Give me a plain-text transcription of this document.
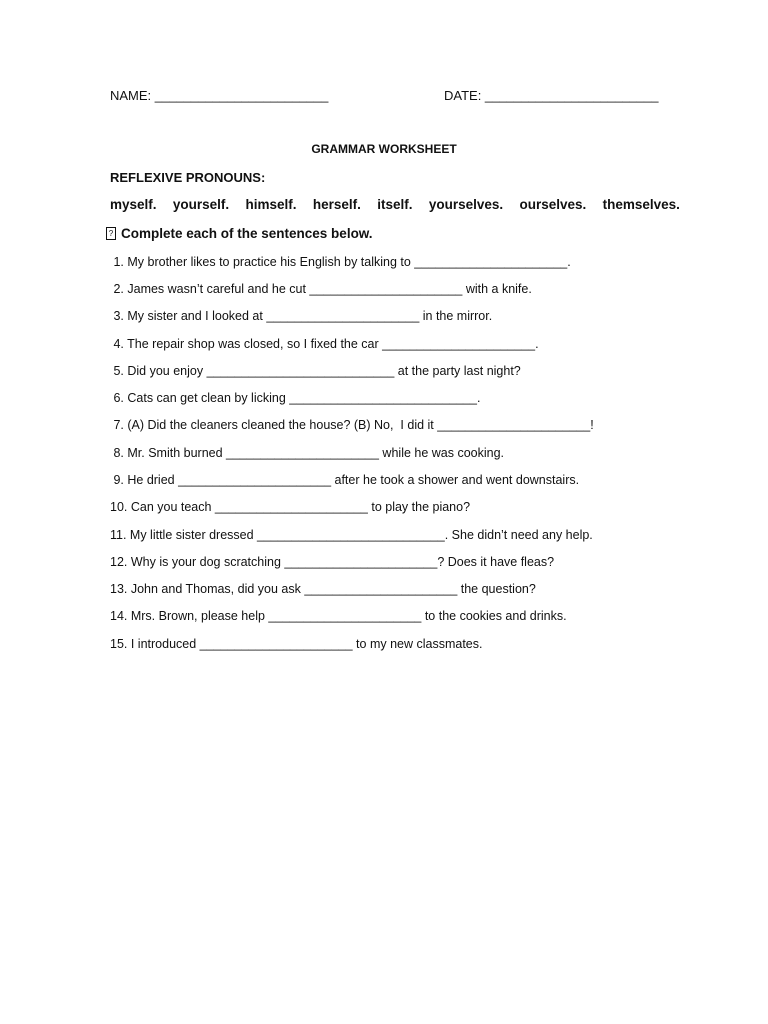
NAME: ________________________	DATE: ________________________
GRAMMAR WORKSHEET
REFLEXIVE PRONOUNS:
myself. yourself. himself. herself. itself. yourselves. ourselves. themselves.
? Complete each of the sentences below.
1. My brother likes to practice his English by talking to ______________________.
2. James wasn’t careful and he cut ______________________ with a knife.
3. My sister and I looked at ______________________ in the mirror.
4. The repair shop was closed, so I fixed the car ______________________.
5. Did you enjoy ___________________________ at the party last night?
6. Cats can get clean by licking ___________________________.
7. (A) Did the cleaners cleaned the house? (B) No,  I did it ______________________!
8. Mr. Smith burned ______________________ while he was cooking.
9. He dried ______________________ after he took a shower and went downstairs.
10. Can you teach ______________________ to play the piano?
11. My little sister dressed ___________________________. She didn’t need any help.
12. Why is your dog scratching ______________________? Does it have fleas?
13. John and Thomas, did you ask ______________________ the question?
14. Mrs. Brown, please help ______________________ to the cookies and drinks.
15. I introduced ______________________ to my new classmates.
